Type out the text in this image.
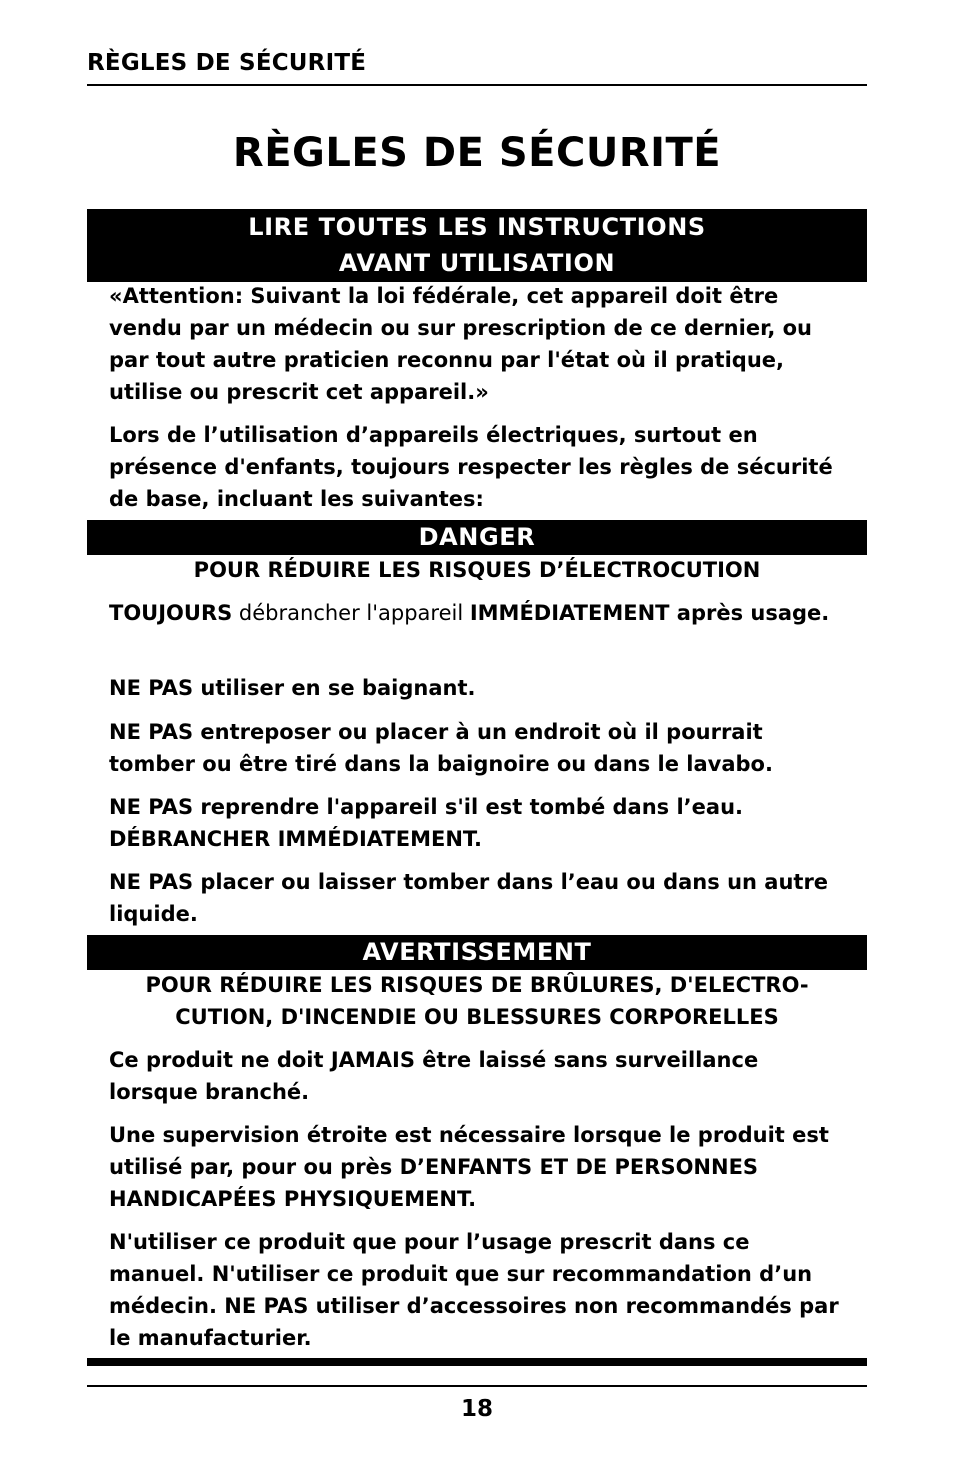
RÈGLES DE SÉCURITÉ
RÈGLES DE SÉCURITÉ
LIRE TOUTES LES INSTRUCTIONS
AVANT UTILISATION
«Attention: Suivant la loi fédérale, cet appareil doit être vendu par un médecin ou sur prescription de ce dernier, ou par tout autre praticien reconnu par l'état où il pratique, utilise ou prescrit cet appareil.»
Lors de l’utilisation d’appareils électriques, surtout en présence d'enfants, toujours respecter les règles de sécurité de base, incluant les suivantes:
DANGER
POUR RÉDUIRE LES RISQUES D’ÉLECTROCUTION
TOUJOURS débrancher l'appareil IMMÉDIATEMENT après usage.
NE PAS utiliser en se baignant.
NE PAS entreposer ou placer à un endroit où il pourrait tomber ou être tiré dans la baignoire ou dans le lavabo.
NE PAS reprendre l'appareil s'il est tombé dans l’eau. DÉBRANCHER IMMÉDIATEMENT.
NE PAS placer ou laisser tomber dans l’eau ou dans un autre liquide.
AVERTISSEMENT
POUR RÉDUIRE LES RISQUES DE BRÛLURES, D'ELECTRO-
CUTION, D'INCENDIE OU BLESSURES CORPORELLES
Ce produit ne doit JAMAIS être laissé sans surveillance lorsque branché.
Une supervision étroite est nécessaire lorsque le produit est utilisé par, pour ou près D’ENFANTS ET DE PERSONNES HANDICAPÉES PHYSIQUEMENT.
N'utiliser ce produit que pour l’usage prescrit dans ce manuel. N'utiliser ce produit que sur recommandation d’un médecin. NE PAS utiliser d’accessoires non recommandés par le manufacturier.
18
